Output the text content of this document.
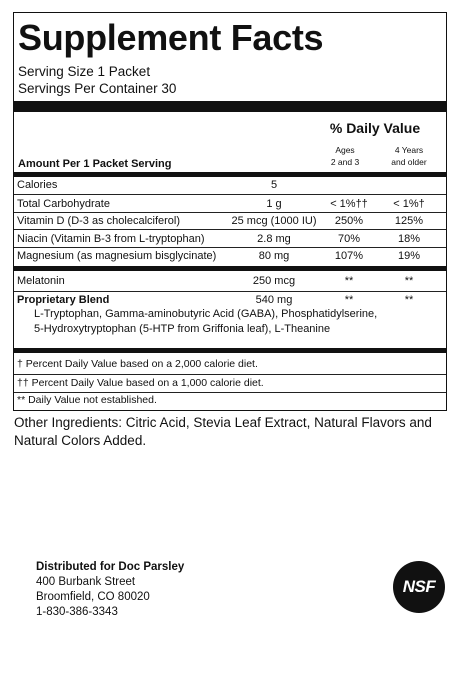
Supplement Facts
Serving Size 1 Packet
Servings Per Container 30
% Daily Value
Ages
2 and 3
4 Years
and older
Amount Per 1 Packet Serving
Calories	5
Total Carbohydrate	1 g	< 1%††	< 1%†
Vitamin D (D-3 as cholecalciferol)	25 mcg (1000 IU)	250%	125%
Niacin (Vitamin B-3 from L-tryptophan)	2.8 mg	70%	18%
Magnesium (as magnesium bisglycinate)	80 mg	107%	19%
Melatonin	250 mcg	**	**
Proprietary Blend	540 mg	**	**
L-Tryptophan, Gamma-aminobutyric Acid (GABA), Phosphatidylserine,
5-Hydroxytryptophan (5-HTP from Griffonia leaf), L-Theanine
† Percent Daily Value based on a 2,000 calorie diet.
†† Percent Daily Value based on a 1,000 calorie diet.
** Daily Value not established.
Other Ingredients: Citric Acid, Stevia Leaf Extract, Natural Flavors and Natural Colors Added.
Distributed for Doc Parsley
400 Burbank Street
Broomfield, CO 80020
1-830-386-3343
NSF
